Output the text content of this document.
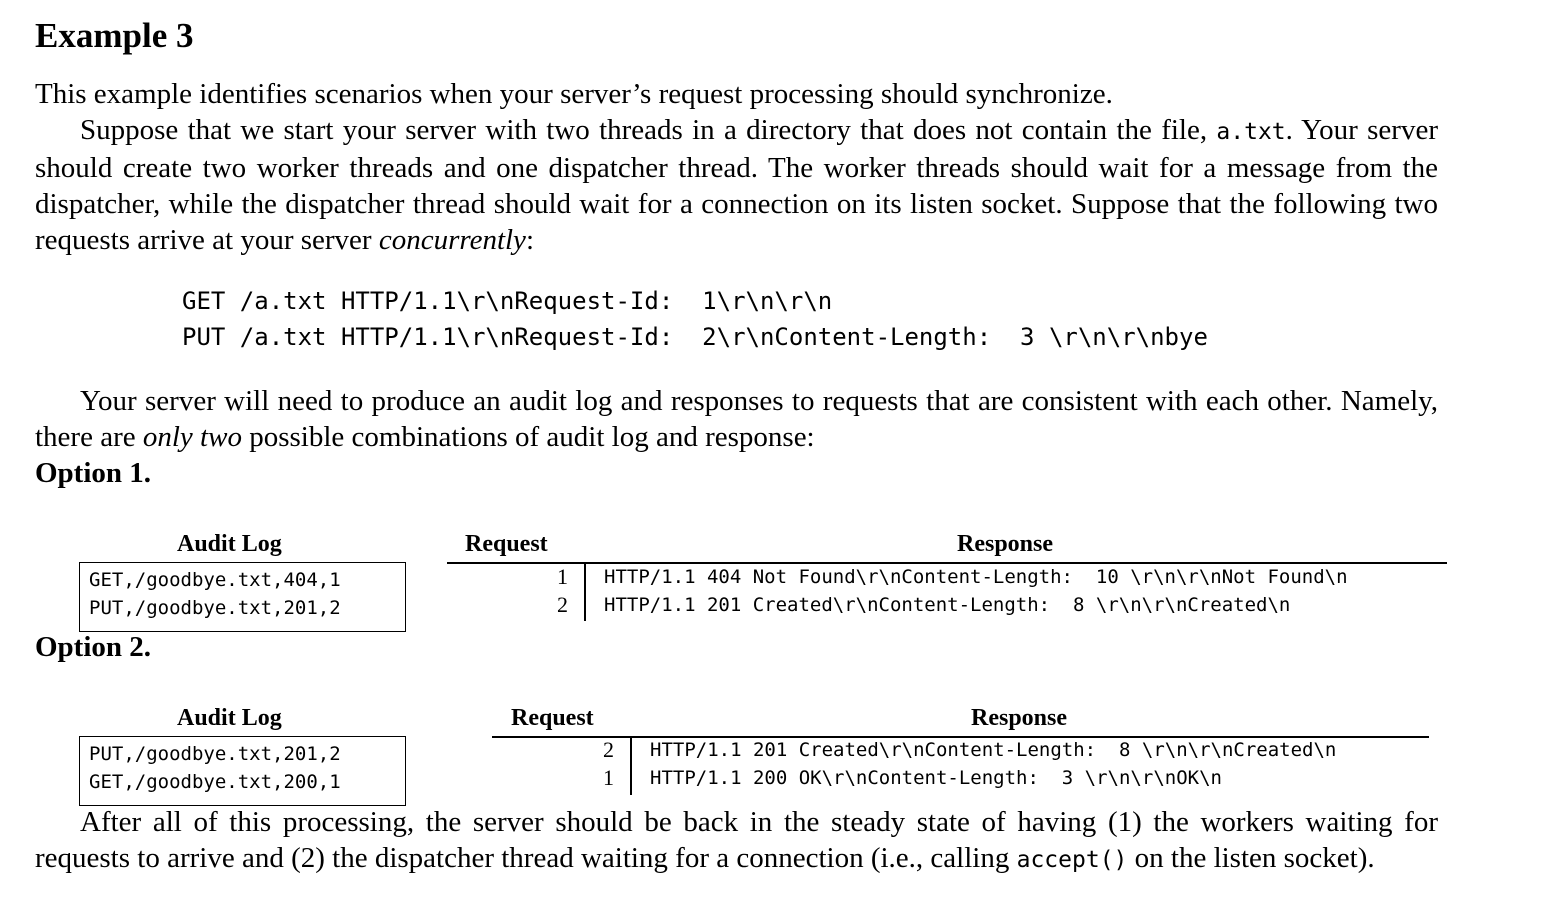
Example 3
This example identifies scenarios when your server’s request processing should synchronize.
Suppose that we start your server with two threads in a directory that does not contain the file, a.txt. Your server should create two worker threads and one dispatcher thread. The worker threads should wait for a message from the dispatcher, while the dispatcher thread should wait for a connection on its listen socket. Suppose that the following two requests arrive at your server concurrently:
GET /a.txt HTTP/1.1\r\nRequest-Id:  1\r\n\r\n
PUT /a.txt HTTP/1.1\r\nRequest-Id:  2\r\nContent-Length:  3 \r\n\r\nbye
Your server will need to produce an audit log and responses to requests that are consistent with each other. Namely, there are only two possible combinations of audit log and response:
Option 1.
Audit Log
GET,/goodbye.txt,404,1
PUT,/goodbye.txt,201,2
Request	Response
1 HTTP/1.1 404 Not Found\r\nContent-Length:  10 \r\n\r\nNot Found\n
2 HTTP/1.1 201 Created\r\nContent-Length:  8 \r\n\r\nCreated\n
Option 2.
Audit Log
PUT,/goodbye.txt,201,2
GET,/goodbye.txt,200,1
Request	Response
2 HTTP/1.1 201 Created\r\nContent-Length:  8 \r\n\r\nCreated\n
1 HTTP/1.1 200 OK\r\nContent-Length:  3 \r\n\r\nOK\n
After all of this processing, the server should be back in the steady state of having (1) the workers waiting for requests to arrive and (2) the dispatcher thread waiting for a connection (i.e., calling accept() on the listen socket).
